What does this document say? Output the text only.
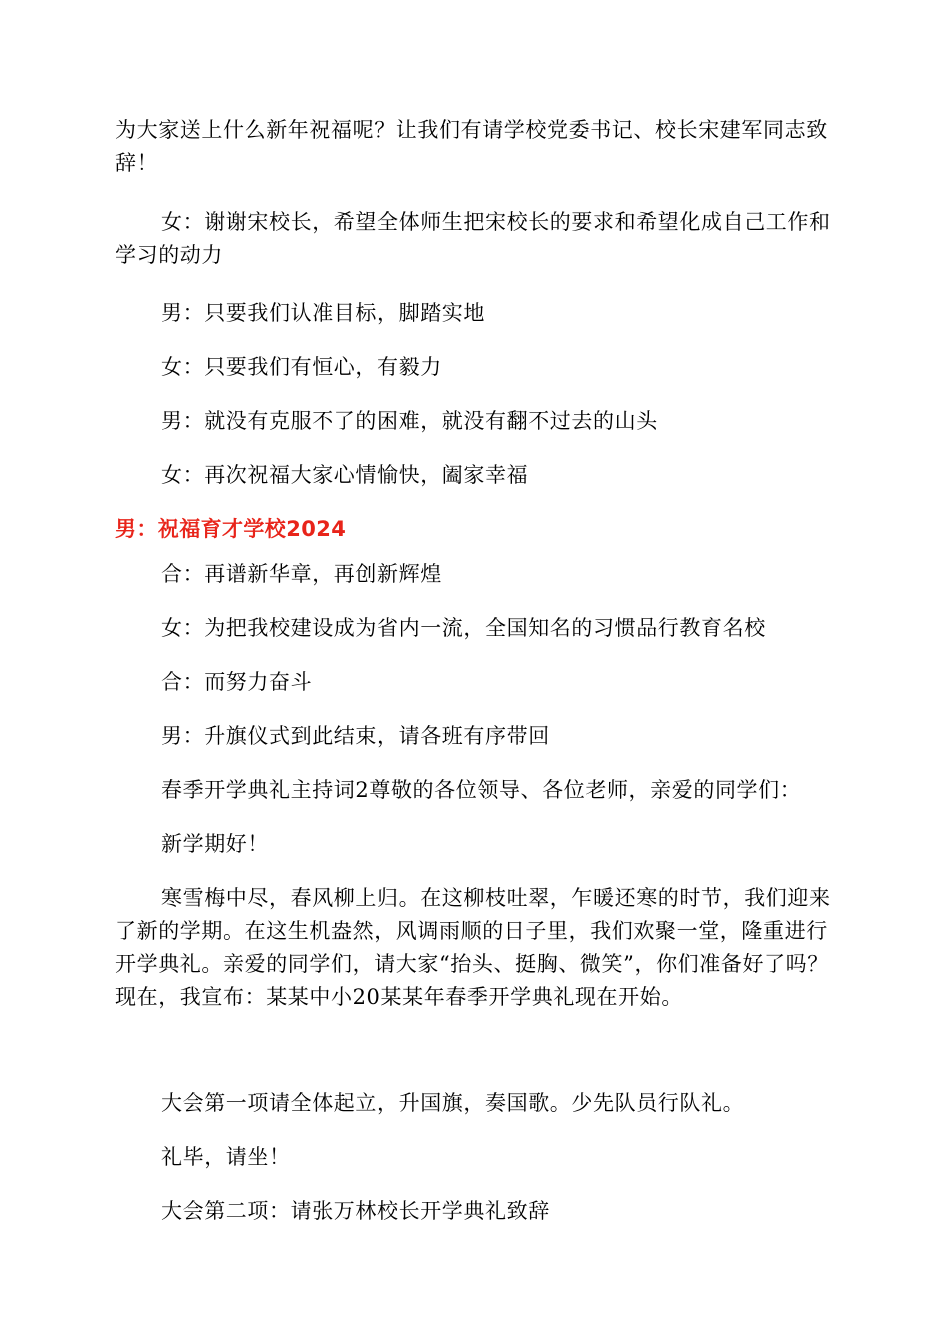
为大家送上什么新年祝福呢？让我们有请学校党委书记、校长宋建军同志致辞！
女：谢谢宋校长，希望全体师生把宋校长的要求和希望化成自己工作和学习的动力
男：只要我们认准目标，脚踏实地
女：只要我们有恒心，有毅力
男：就没有克服不了的困难，就没有翻不过去的山头
女：再次祝福大家心情愉快，阖家幸福
男：祝福育才学校2024
合：再谱新华章，再创新辉煌
女：为把我校建设成为省内一流，全国知名的习惯品行教育名校
合：而努力奋斗
男：升旗仪式到此结束，请各班有序带回
春季开学典礼主持词2尊敬的各位领导、各位老师，亲爱的同学们：
新学期好！
寒雪梅中尽，春风柳上归。在这柳枝吐翠，乍暖还寒的时节，我们迎来了新的学期。在这生机盎然，风调雨顺的日子里，我们欢聚一堂，隆重进行开学典礼。亲爱的同学们，请大家“抬头、挺胸、微笑”，你们准备好了吗？现在，我宣布：某某中小20某某年春季开学典礼现在开始。
大会第一项请全体起立，升国旗，奏国歌。少先队员行队礼。
礼毕，请坐！
大会第二项：请张万林校长开学典礼致辞
